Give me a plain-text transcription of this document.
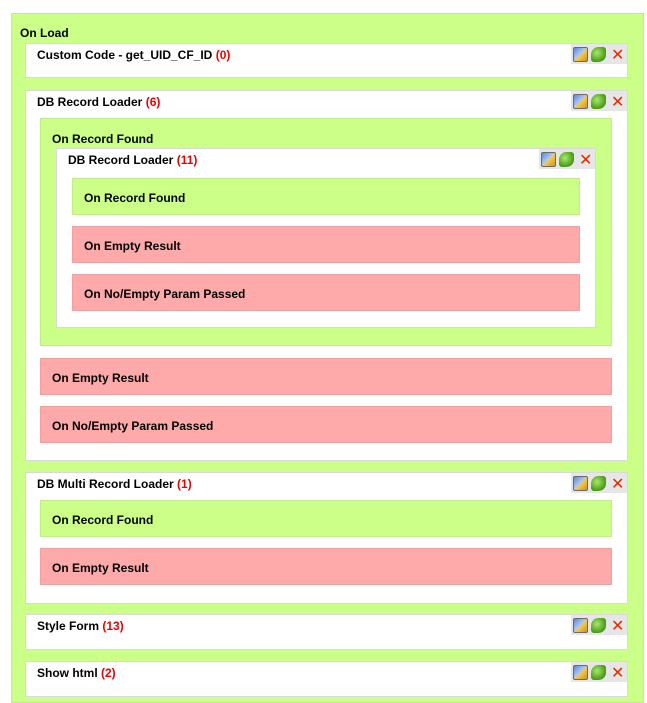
On Load
Custom Code - get_UID_CF_ID (0)	✕
DB Record Loader (6)	✕
On Record Found
DB Record Loader (11)	✕
On Record Found
On Empty Result
On No/Empty Param Passed
On Empty Result
On No/Empty Param Passed
DB Multi Record Loader (1)	✕
On Record Found
On Empty Result
Style Form (13)	✕
Show html (2)	✕
